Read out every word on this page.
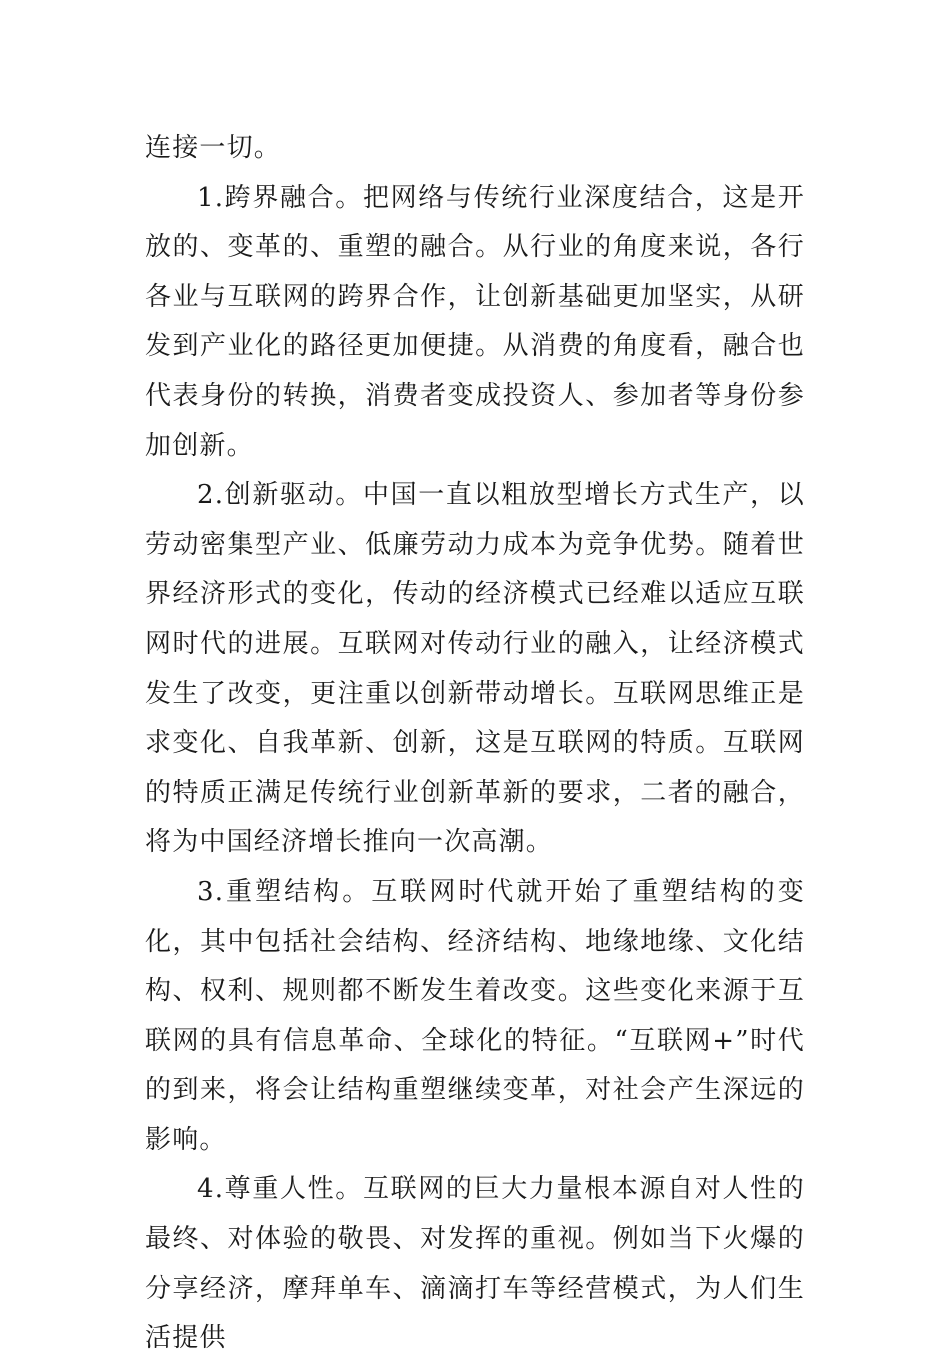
连接一切。

1.跨界融合。把网络与传统行业深度结合，这是开放的、变革的、重塑的融合。从行业的角度来说，各行各业与互联网的跨界合作，让创新基础更加坚实，从研发到产业化的路径更加便捷。从消费的角度看，融合也代表身份的转换，消费者变成投资人、参加者等身份参加创新。

2.创新驱动。中国一直以粗放型增长方式生产，以劳动密集型产业、低廉劳动力成本为竞争优势。随着世界经济形式的变化，传动的经济模式已经难以适应互联网时代的进展。互联网对传动行业的融入，让经济模式发生了改变，更注重以创新带动增长。互联网思维正是求变化、自我革新、创新，这是互联网的特质。互联网的特质正满足传统行业创新革新的要求，二者的融合，将为中国经济增长推向一次高潮。

3.重塑结构。互联网时代就开始了重塑结构的变化，其中包括社会结构、经济结构、地缘地缘、文化结构、权利、规则都不断发生着改变。这些变化来源于互联网的具有信息革命、全球化的特征。“互联网+”时代的到来，将会让结构重塑继续变革，对社会产生深远的影响。

4.尊重人性。互联网的巨大力量根本源自对人性的最终、对体验的敬畏、对发挥的重视。例如当下火爆的分享经济，摩拜单车、滴滴打车等经营模式，为人们生活提供
